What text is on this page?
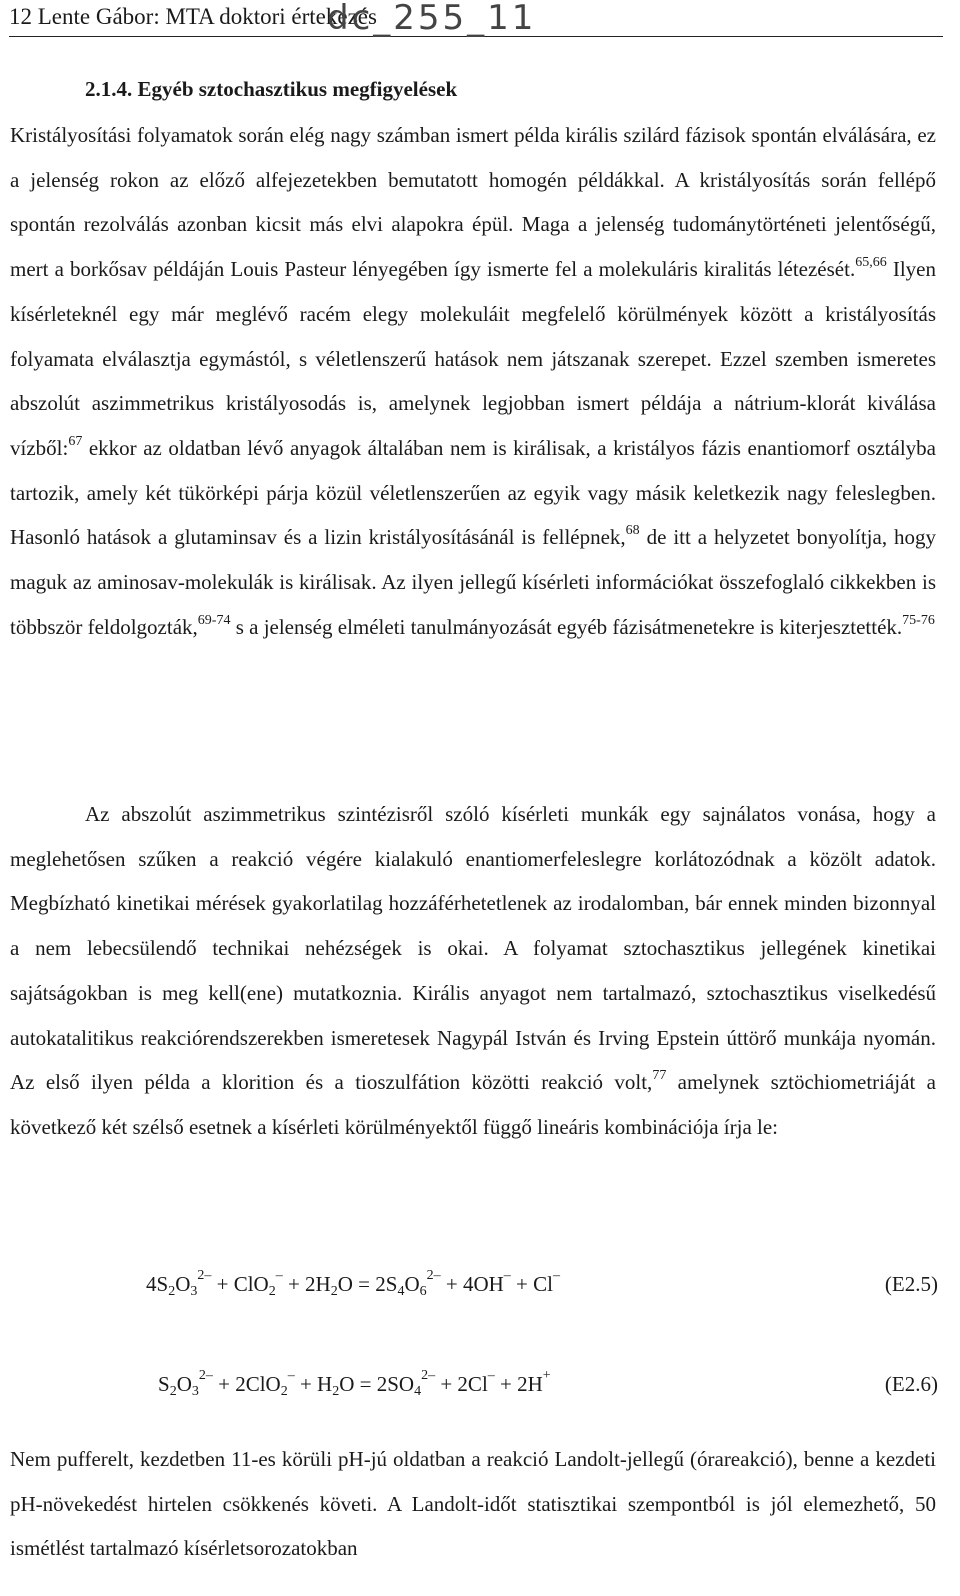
12 Lente Gábor: MTA doktori értekezés
dc_255_11
2.1.4. Egyéb sztochasztikus megfigyelések
Kristályosítási folyamatok során elég nagy számban ismert példa királis szilárd fázisok spontán elválására, ez a jelenség rokon az előző alfejezetekben bemutatott homogén példákkal. A kristályosítás során fellépő spontán rezolválás azonban kicsit más elvi alapokra épül. Maga a jelenség tudománytörténeti jelentőségű, mert a borkősav példáján Louis Pasteur lényegében így ismerte fel a molekuláris kiralitás létezését.$^{65,66}$ Ilyen kísérleteknél egy már meglévő racém elegy molekuláit megfelelő körülmények között a kristályosítás folyamata elválasztja egymástól, s véletlenszerű hatások nem játszanak szerepet. Ezzel szemben ismeretes abszolút aszimmetrikus kristályosodás is, amelynek legjobban ismert példája a nátrium-klorát kiválása vízből:$^{67}$ ekkor az oldatban lévő anyagok általában nem is királisak, a kristályos fázis enantiomorf osztályba tartozik, amely két tükörképi párja közül véletlenszerűen az egyik vagy másik keletkezik nagy feleslegben. Hasonló hatások a glutaminsav és a lizin kristályosításánál is fellépnek,$^{68}$ de itt a helyzetet bonyolítja, hogy maguk az aminosav-molekulák is királisak. Az ilyen jellegű kísérleti információkat összefoglaló cikkekben is többször feldolgozták,$^{69-74}$ s a jelenség elméleti tanulmányozását egyéb fázisátmenetekre is kiterjesztették.$^{75-76}$
Az abszolút aszimmetrikus szintézisről szóló kísérleti munkák egy sajnálatos vonása, hogy a meglehetősen szűken a reakció végére kialakuló enantiomerfeleslegre korlátozódnak a közölt adatok. Megbízható kinetikai mérések gyakorlatilag hozzáférhetetlenek az irodalomban, bár ennek minden bizonnyal a nem lebecsülendő technikai nehézségek is okai. A folyamat sztochasztikus jellegének kinetikai sajátságokban is meg kell(ene) mutatkoznia. Királis anyagot nem tartalmazó, sztochasztikus viselkedésű autokatalitikus reakciórendszerekben ismeretesek Nagypál István és Irving Epstein úttörő munkája nyomán. Az első ilyen példa a klorition és a tioszulfátion közötti reakció volt,$^{77}$ amelynek sztöchiometriáját a következő két szélső esetnek a kísérleti körülményektől függő lineáris kombinációja írja le:
$4S_2O_3^{2-} + ClO_2^- + 2H_2O = 2S_4O_6^{2-} + 4OH^- + Cl^-$	(E2.5)
$S_2O_3^{2-} + 2ClO_2^- + H_2O = 2SO_4^{2-} + 2Cl^- + 2H^+$	(E2.6)
Nem pufferelt, kezdetben 11-es körüli pH-jú oldatban a reakció Landolt-jellegű (órareakció), benne a kezdeti pH-növekedést hirtelen csökkenés követi. A Landolt-időt statisztikai szempontból is jól elemezhető, 50 ismétlést tartalmazó kísérletsorozatokban
